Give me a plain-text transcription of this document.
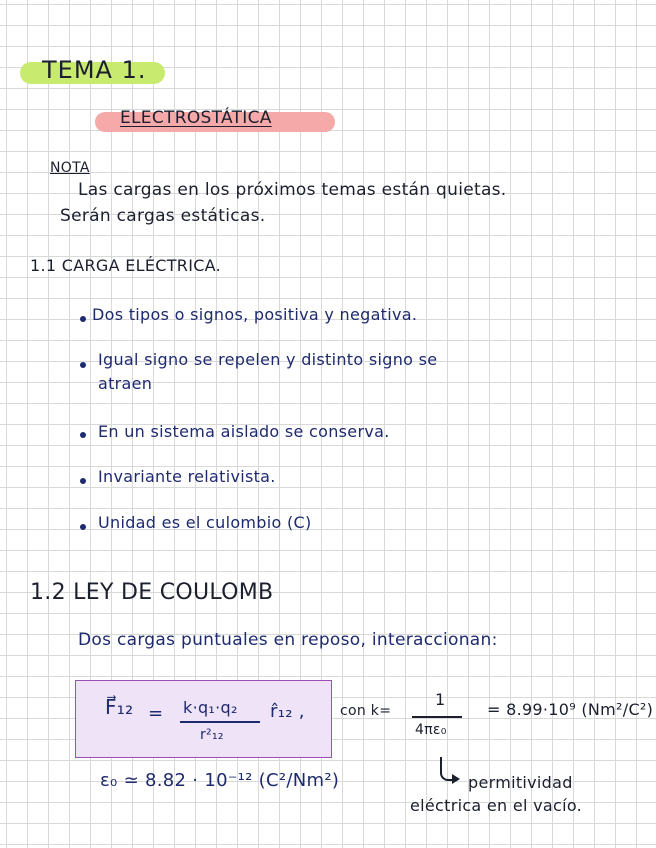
TEMA 1.
ELECTROSTÁTICA
NOTA
Las cargas en los próximos temas están quietas.
Serán cargas estáticas.
1.1 CARGA ELÉCTRICA.
Dos tipos o signos, positiva y negativa.
Igual signo se repelen y distinto signo se
atraen
En un sistema aislado se conserva.
Invariante relativista.
Unidad es el culombio (C)
1.2 LEY DE COULOMB
Dos cargas puntuales en reposo, interaccionan:
F⃗₁₂ = k·q₁·q₂
r²₁₂
r̂₁₂ ,	con k=
1
4πε₀
= 8.99·10⁹ (Nm²/C²)
ε₀ ≃ 8.82 · 10⁻¹² (C²/Nm²)	permitividad
eléctrica en el vacío.
